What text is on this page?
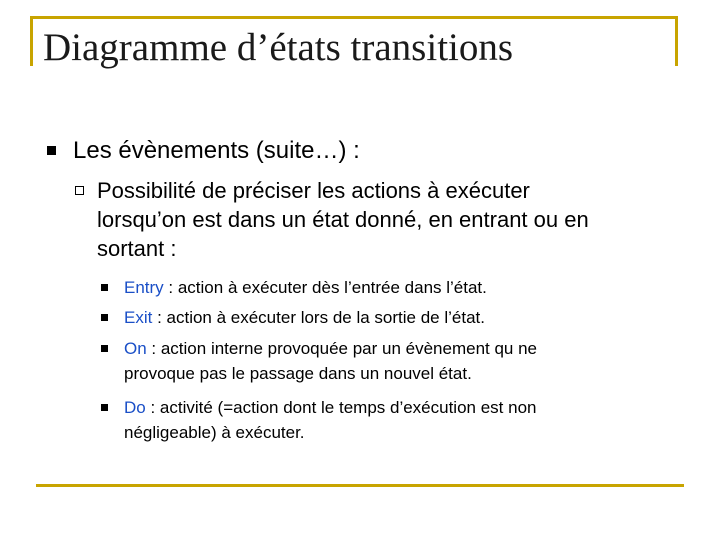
Diagramme d’états transitions
Les évènements (suite…) :
Possibilité de préciser les actions à exécuter
lorsqu’on est dans un état donné, en entrant ou en
sortant :
Entry : action à exécuter dès l’entrée dans l’état.
Exit : action à exécuter lors de la sortie de l’état.
On : action interne provoquée par un évènement qu ne
provoque pas le passage dans un nouvel état.
Do : activité (=action dont le temps d’exécution est non
négligeable) à exécuter.
